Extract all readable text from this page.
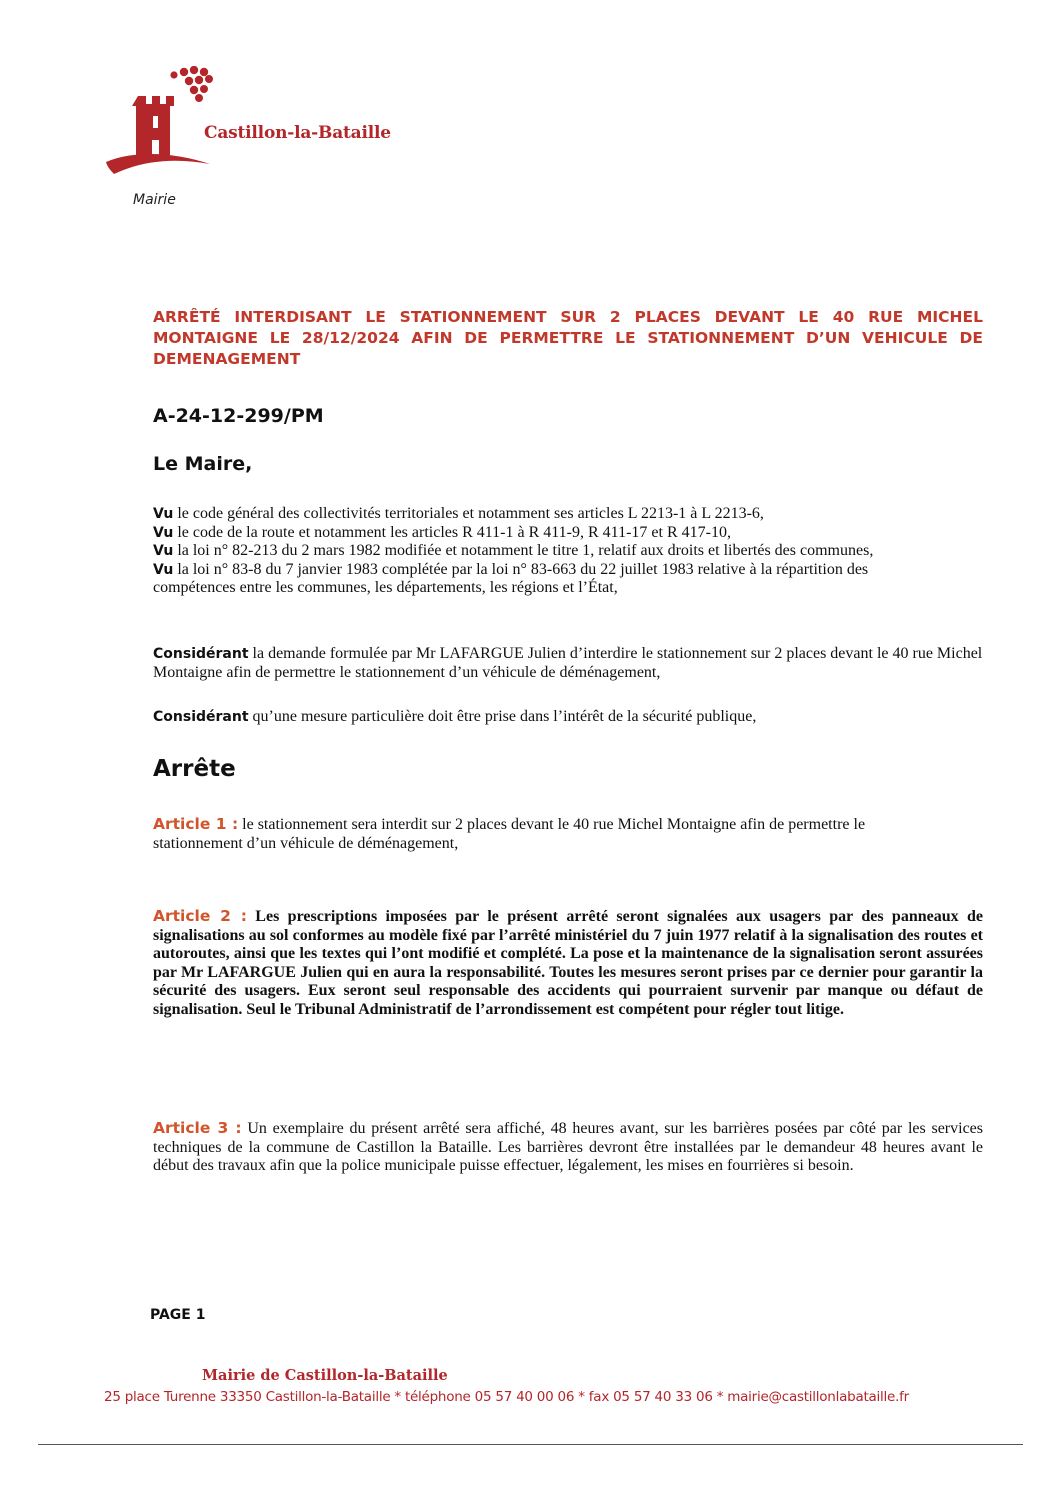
Castillon-la-Bataille
Mairie
ARRÊTÉ INTERDISANT LE STATIONNEMENT SUR 2 PLACES DEVANT LE 40 RUE MICHEL MONTAIGNE LE 28/12/2024 AFIN DE PERMETTRE LE STATIONNEMENT D’UN VEHICULE DE DEMENAGEMENT
A-24-12-299/PM
Le Maire,
Vu le code général des collectivités territoriales et notamment ses articles L 2213-1 à L 2213-6,
Vu le code de la route et notamment les articles R 411-1 à R 411-9, R 411-17 et R 417-10,
Vu la loi n° 82-213 du 2 mars 1982 modifiée et notamment le titre 1, relatif aux droits et libertés des communes,
Vu la loi n° 83-8 du 7 janvier 1983 complétée par la loi n° 83-663 du 22 juillet 1983 relative à la répartition des compétences entre les communes, les départements, les régions et l’État,
Considérant la demande formulée par Mr LAFARGUE Julien d’interdire le stationnement sur 2 places devant le 40 rue Michel Montaigne afin de permettre le stationnement d’un véhicule de déménagement,
Considérant qu’une mesure particulière doit être prise dans l’intérêt de la sécurité publique,
Arrête
Article 1 : le stationnement sera interdit sur 2 places devant le 40 rue Michel Montaigne afin de permettre le stationnement d’un véhicule de déménagement,
Article 2 : Les prescriptions imposées par le présent arrêté seront signalées aux usagers par des panneaux de signalisations au sol conformes au modèle fixé par l’arrêté ministériel du 7 juin 1977 relatif à la signalisation des routes et autoroutes, ainsi que les textes qui l’ont modifié et complété. La pose et la maintenance de la signalisation seront assurées par Mr LAFARGUE Julien qui en aura la responsabilité. Toutes les mesures seront prises par ce dernier pour garantir la sécurité des usagers. Eux seront seul responsable des accidents qui pourraient survenir par manque ou défaut de signalisation. Seul le Tribunal Administratif de l’arrondissement est compétent pour régler tout litige.
Article 3 : Un exemplaire du présent arrêté sera affiché, 48 heures avant, sur les barrières posées par côté par les services techniques de la commune de Castillon la Bataille. Les barrières devront être installées par le demandeur 48 heures avant le début des travaux afin que la police municipale puisse effectuer, légalement, les mises en fourrières si besoin.
PAGE 1
Mairie de Castillon-la-Bataille
25 place Turenne 33350 Castillon-la-Bataille * téléphone 05 57 40 00 06 * fax 05 57 40 33 06 * mairie@castillonlabataille.fr
